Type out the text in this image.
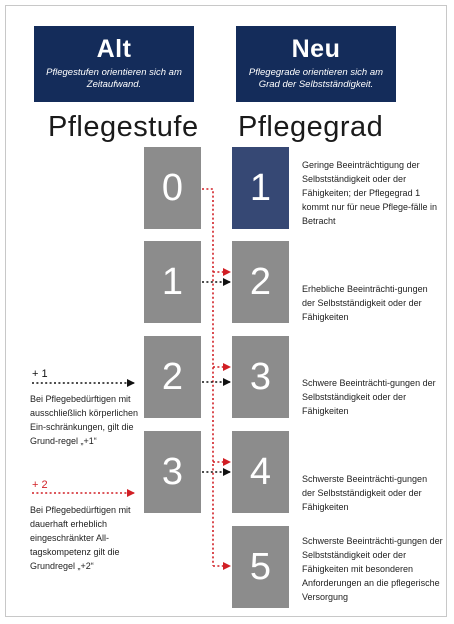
Alt
Pflegestufen orientieren sich am Zeitaufwand.
Neu
Pflegegrade orientieren sich am Grad der Selbstständigkeit.
Pflegestufe Pflegegrad
0
1
2
3
1
2
3
4
5
Geringe Beeinträchtigung der Selbstständigkeit oder der Fähigkeiten; der Pflegegrad 1 kommt nur für neue Pflege-fälle in Betracht
Erhebliche Beeinträchti-gungen der Selbstständigkeit oder der Fähigkeiten
Schwere Beeinträchti-gungen der Selbstständigkeit oder der Fähigkeiten
Schwerste Beeinträchti-gungen der Selbstständigkeit oder der Fähigkeiten
Schwerste Beeinträchti-gungen der Selbstständigkeit oder der Fähigkeiten mit besonderen Anforderungen an die pflegerische Versorgung
+ 1
Bei Pflegebedürftigen mit ausschließlich körperlichen Ein-schränkungen, gilt die Grund-regel „+1“
+ 2
Bei Pflegebedürftigen mit dauerhaft erheblich eingeschränkter All-tagskompetenz gilt die Grundregel „+2“
